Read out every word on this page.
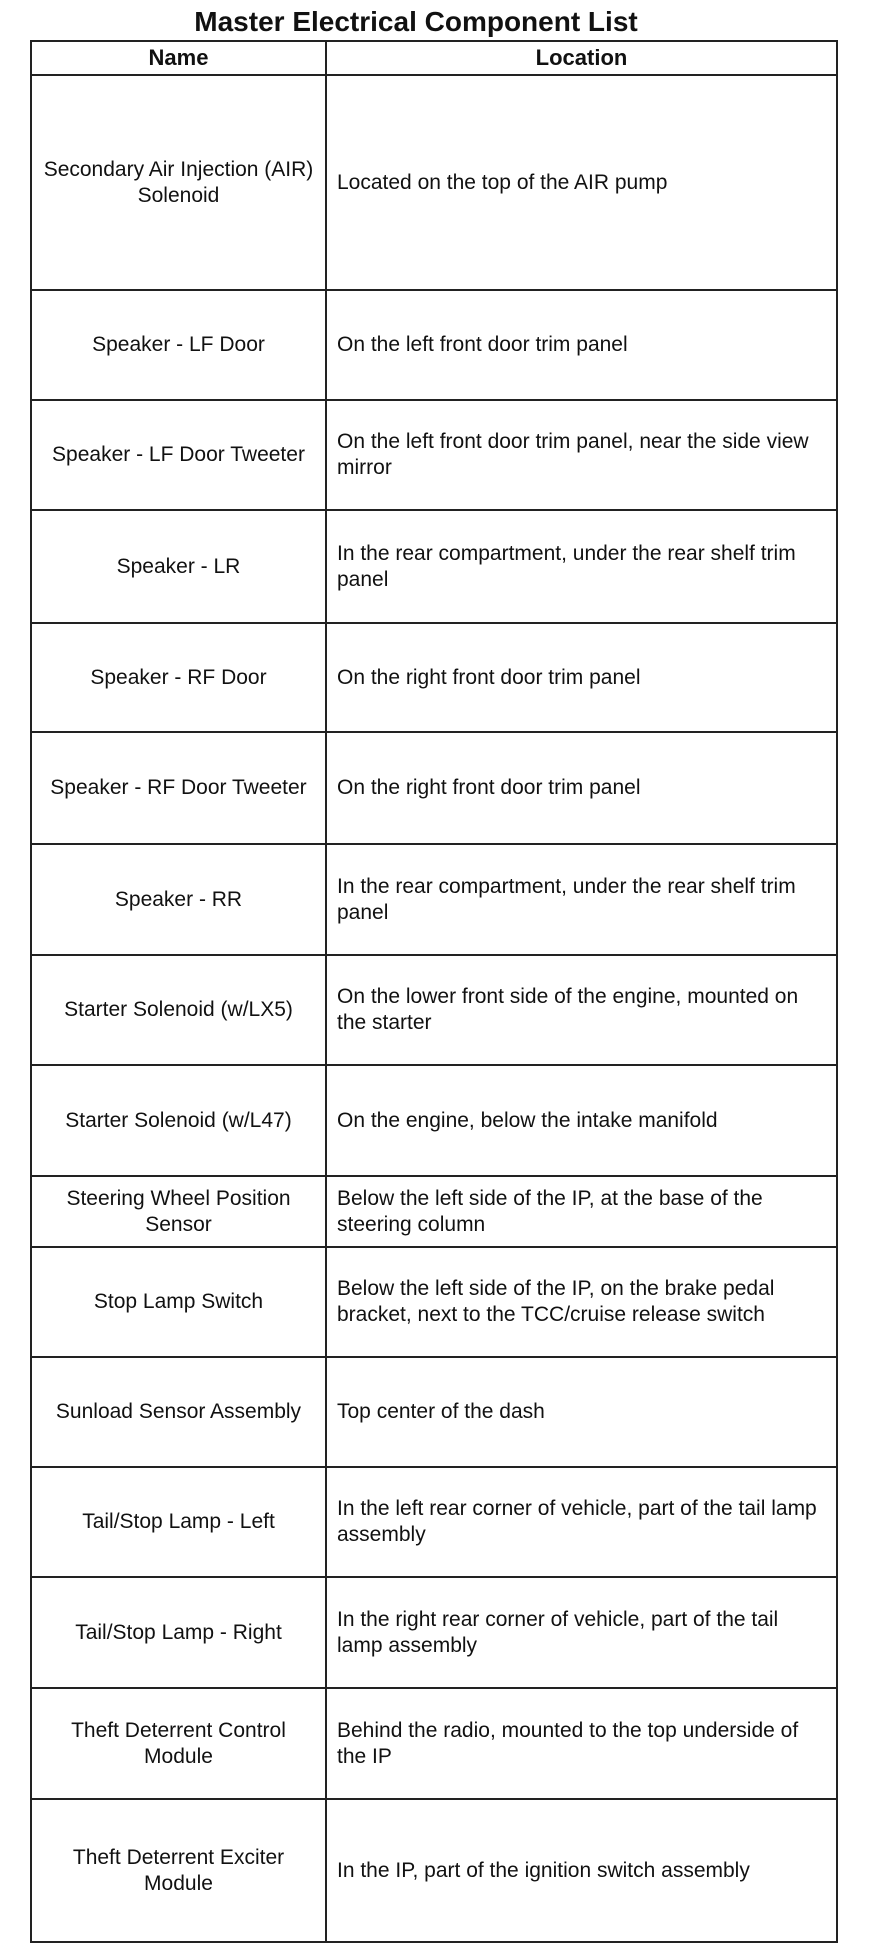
Master Electrical Component List
Name	Location
Secondary Air Injection (AIR) Solenoid	Located on the top of the AIR pump
Speaker - LF Door	On the left front door trim panel
Speaker - LF Door Tweeter	On the left front door trim panel, near the side view mirror
Speaker - LR	In the rear compartment, under the rear shelf trim panel
Speaker - RF Door	On the right front door trim panel
Speaker - RF Door Tweeter	On the right front door trim panel
Speaker - RR	In the rear compartment, under the rear shelf trim panel
Starter Solenoid (w/LX5)	On the lower front side of the engine, mounted on the starter
Starter Solenoid (w/L47)	On the engine, below the intake manifold
Steering Wheel Position Sensor	Below the left side of the IP, at the base of the steering column
Stop Lamp Switch	Below the left side of the IP, on the brake pedal bracket, next to the TCC/cruise release switch
Sunload Sensor Assembly	Top center of the dash
Tail/Stop Lamp - Left	In the left rear corner of vehicle, part of the tail lamp assembly
Tail/Stop Lamp - Right	In the right rear corner of vehicle, part of the tail lamp assembly
Theft Deterrent Control Module	Behind the radio, mounted to the top underside of the IP
Theft Deterrent Exciter Module	In the IP, part of the ignition switch assembly
